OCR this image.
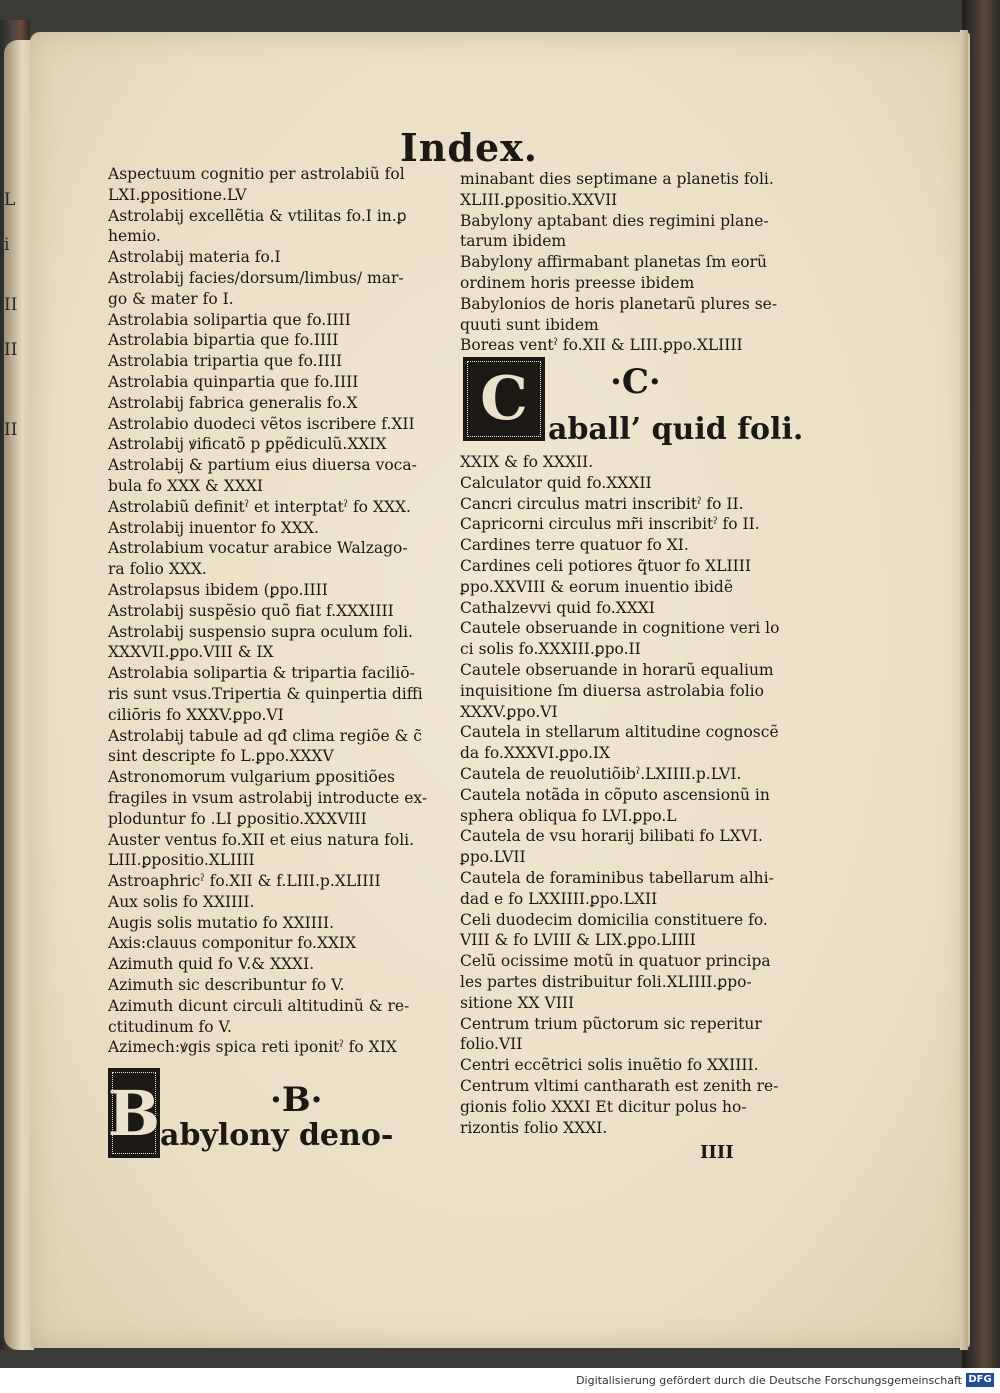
L
i
II
II
II
Index.
Aspectuum cognitio per astrolabiũ fol
LXI.ꝑpositione.LV
Astrolabij excellẽtia & vtilitas fo.I in.ꝑ
hemio.
Astrolabij materia fo.I
Astrolabij facies/dorsum/limbus/ mar-
go & mater fo I.
Astrolabia solipartia que fo.IIII
Astrolabia bipartia que fo.IIII
Astrolabia tripartia que fo.IIII
Astrolabia quinpartia que fo.IIII
Astrolabij fabrica generalis fo.X
Astrolabio duodeci vẽtos iscribere f.XII
Astrolabij ꝟificatõ p ꝑpẽdiculũ.XXIX
Astrolabij & partium eius diuersa voca-
bula fo XXX & XXXI
Astrolabiũ definitˀ et interptatˀ fo XXX.
Astrolabij inuentor fo XXX.
Astrolabium vocatur arabice Walzago-
ra folio XXX.
Astrolapsus ibidem (ꝑpo.IIII
Astrolabij suspẽsio quõ fiat f.XXXIIII
Astrolabij suspensio supra oculum foli.
XXXVII.ꝑpo.VIII & IX
Astrolabia solipartia & tripartia faciliō-
ris sunt vsus.Tripertia & quinpertia diffi
ciliōris fo XXXV.ꝑpo.VI
Astrolabij tabule ad qđ clima regiõe & c̃
sint descripte fo L.ꝑpo.XXXV
Astronomorum vulgarium ꝑpositiões
fragiles in vsum astrolabij introducte ex-
ploduntur fo .LI ꝑpositio.XXXVIII
Auster ventus fo.XII et eius natura foli.
LIII.ꝑpositio.XLIIII
Astroaphricˀ fo.XII & f.LIII.p.XLIIII
Aux solis fo XXIIII.
Augis solis mutatio fo XXIIII.
Axis:clauus componitur fo.XXIX
Azimuth quid fo V.& XXXI.
Azimuth sic describuntur fo V.
Azimuth dicunt circuli altitudinũ & re-
ctitudinum fo V.
Azimech:ꝟgis spica reti iponitˀ fo XIX
·B·
B abylony deno-
minabant dies septimane a planetis foli.
XLIII.ꝑpositio.XXVII
Babylony aptabant dies regimini plane-
tarum ibidem
Babylony affirmabant planetas ſm eorũ
ordinem horis preesse ibidem
Babylonios de horis planetarũ plures se-
quuti sunt ibidem
Boreas ventˀ fo.XII & LIII.ꝑpo.XLIIII
·C·
C aball’ quid foli.
XXIX & fo XXXII.
Calculator quid fo.XXXII
Cancri circulus matri inscribitˀ fo II.
Capricorni circulus mr̃i inscribitˀ fo II.
Cardines terre quatuor fo XI.
Cardines celi potiores q̃tuor fo XLIIII
ꝑpo.XXVIII & eorum inuentio ibidẽ
Cathalzevvi quid fo.XXXI
Cautele obseruande in cognitione veri lo
ci solis fo.XXXIII.ꝑpo.II
Cautele obseruande in horarũ equalium
inquisitione ſm diuersa astrolabia folio
XXXV.ꝑpo.VI
Cautela in stellarum altitudine cognoscẽ
da fo.XXXVI.ꝑpo.IX
Cautela de reuolutiõibˀ.LXIIII.p.LVI.
Cautela notãda in cõputo ascensionũ in
sphera obliqua fo LVI.ꝑpo.L
Cautela de vsu horarij bilibati fo LXVI.
ꝑpo.LVII
Cautela de foraminibus tabellarum alhi-
dad e fo LXXIIII.ꝑpo.LXII
Celi duodecim domicilia constituere fo.
VIII & fo LVIII & LIX.ꝑpo.LIIII
Celũ ocissime motũ in quatuor principa
les partes distribuitur foli.XLIIII.ꝑpo-
sitione XX VIII
Centrum trium pũctorum sic reperitur
folio.VII
Centri eccẽtrici solis inuẽtio fo XXIIII.
Centrum vltimi cantharath est zenith re-
gionis folio XXXI Et dicitur polus ho-
rizontis folio XXXI.
IIII
Digitalisierung gefördert durch die Deutsche Forschungsgemeinschaft DFG
